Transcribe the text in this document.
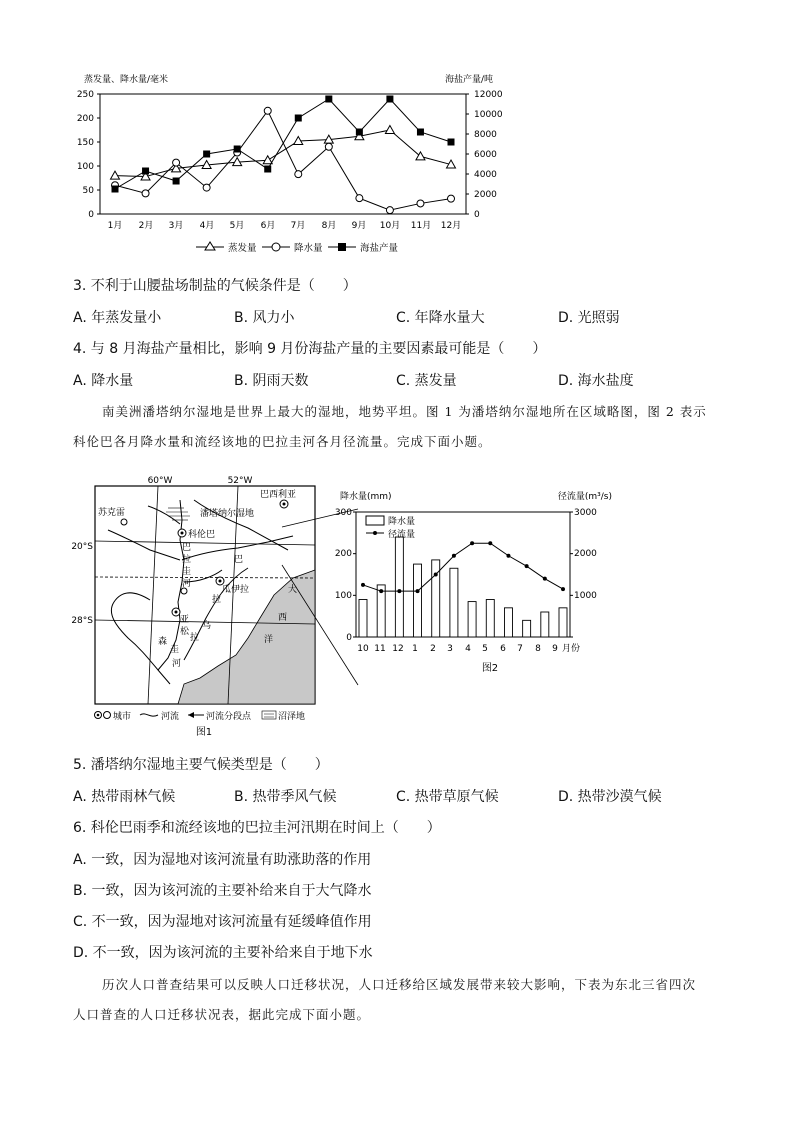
蒸发量、降水量/毫米	海盐产量/吨
250
200
150
100
50
0
12000
10000
8000
6000
4000
2000
0
1月 2月 3月 4月 5月 6月 7月 8月 9月 10月 11月 12月
蒸发量	降水量	海盐产量
3. 不利于山腰盐场制盐的气候条件是（　　）
A. 年蒸发量小	B. 风力小	C. 年降水量大	D. 光照弱
4. 与 8 月海盐产量相比，影响 9 月份海盐产量的主要因素最可能是（　　）
A. 降水量	B. 阴雨天数	C. 蒸发量	D. 海水盐度
南美洲潘塔纳尔湿地是世界上最大的湿地，地势平坦。图 1 为潘塔纳尔湿地所在区域略图，图 2 表示
科伦巴各月降水量和流经该地的巴拉圭河各月径流量。完成下面小题。
60°W	52°W
20°S
28°S
苏克雷
巴西利亚
潘塔纳尔湿地
科伦巴
瓜伊拉
巴
拉
圭
河
巴
拉
乌
拉
圭
河
亚
松
森
大
西
洋
城市	河流	河流分段点	沼泽地
图1
降水量(mm)	径流量(m³/s)
300
200
100
0
3000
2000
1000
10 11 12 1 2 3 4 5 6 7 8 9 月份
降水量
径流量
图2
5. 潘塔纳尔湿地主要气候类型是（　　）
A. 热带雨林气候	B. 热带季风气候	C. 热带草原气候	D. 热带沙漠气候
6. 科伦巴雨季和流经该地的巴拉圭河汛期在时间上（　　）
A. 一致，因为湿地对该河流量有助涨助落的作用
B. 一致，因为该河流的主要补给来自于大气降水
C. 不一致，因为湿地对该河流量有延缓峰值作用
D. 不一致，因为该河流的主要补给来自于地下水
历次人口普查结果可以反映人口迁移状况，人口迁移给区域发展带来较大影响，下表为东北三省四次
人口普查的人口迁移状况表，据此完成下面小题。
